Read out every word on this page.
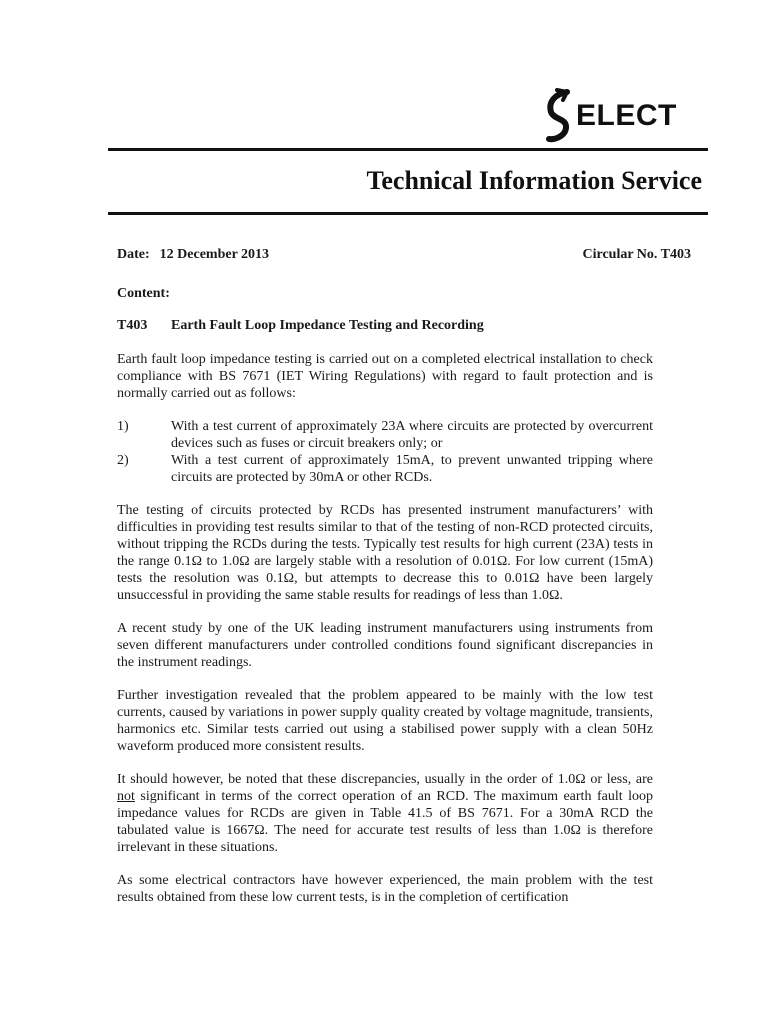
ELECT
Technical Information Service
Date: 12 December 2013	Circular No. T403
Content:
T403 Earth Fault Loop Impedance Testing and Recording

Earth fault loop impedance testing is carried out on a completed electrical installation to check compliance with BS 7671 (IET Wiring Regulations) with regard to fault protection and is normally carried out as follows:

1)	With a test current of approximately 23A where circuits are protected by overcurrent devices such as fuses or circuit breakers only; or
2)	With a test current of approximately 15mA, to prevent unwanted tripping where circuits are protected by 30mA or other RCDs.

The testing of circuits protected by RCDs has presented instrument manufacturers’ with difficulties in providing test results similar to that of the testing of non-RCD protected circuits, without tripping the RCDs during the tests. Typically test results for high current (23A) tests in the range 0.1Ω to 1.0Ω are largely stable with a resolution of 0.01Ω. For low current (15mA) tests the resolution was 0.1Ω, but attempts to decrease this to 0.01Ω have been largely unsuccessful in providing the same stable results for readings of less than 1.0Ω.

A recent study by one of the UK leading instrument manufacturers using instruments from seven different manufacturers under controlled conditions found significant discrepancies in the instrument readings.

Further investigation revealed that the problem appeared to be mainly with the low test currents, caused by variations in power supply quality created by voltage magnitude, transients, harmonics etc. Similar tests carried out using a stabilised power supply with a clean 50Hz waveform produced more consistent results.

It should however, be noted that these discrepancies, usually in the order of 1.0Ω or less, are not significant in terms of the correct operation of an RCD. The maximum earth fault loop impedance values for RCDs are given in Table 41.5 of BS 7671. For a 30mA RCD the tabulated value is 1667Ω. The need for accurate test results of less than 1.0Ω is therefore irrelevant in these situations.

As some electrical contractors have however experienced, the main problem with the test results obtained from these low current tests, is in the completion of certification
